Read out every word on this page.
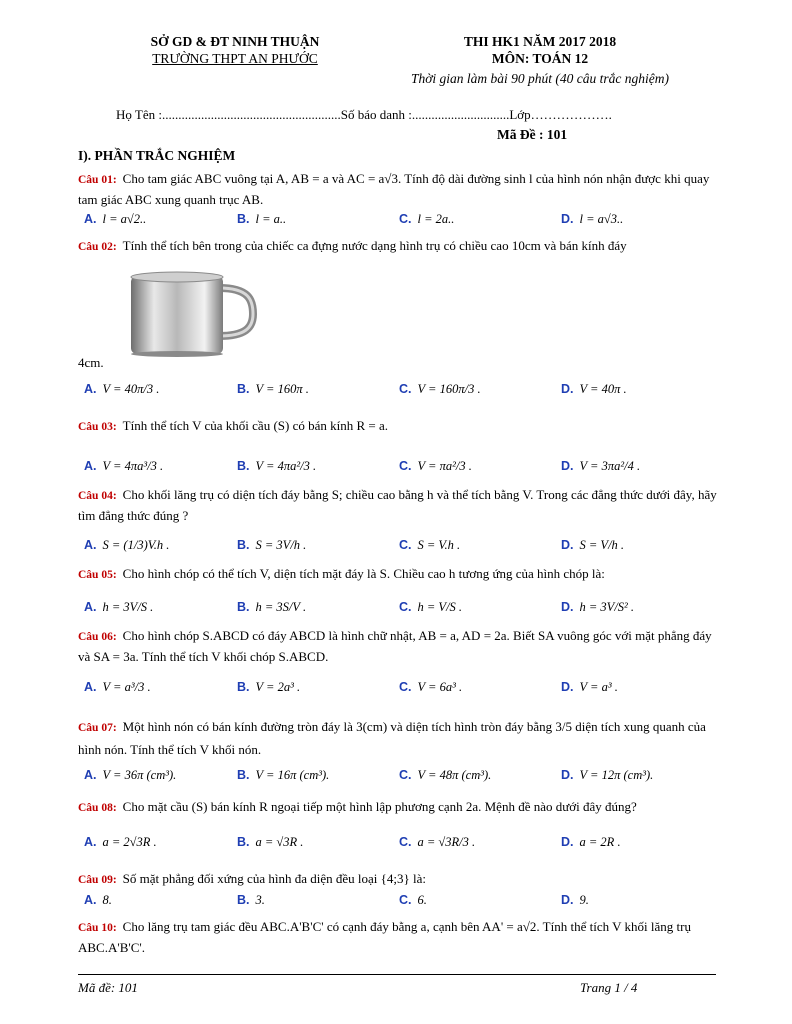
SỞ GD & ĐT NINH THUẬN
TRƯỜNG THPT AN PHƯỚC
THI HK1 NĂM 2017 2018
MÔN: TOÁN 12
Thời gian làm bài 90 phút (40 câu trắc nghiệm)
Họ Tên :.......................................................Số báo danh :..............................Lớp……………….
Mã Đề : 101
I). PHẦN TRẮC NGHIỆM
Câu 01: Cho tam giác ABC vuông tại A, AB = a và AC = a√3. Tính độ dài đường sinh l của hình nón nhận được khi quay tam giác ABC xung quanh trục AB.
A. l = a√2..	B. l = a..	C. l = 2a..	D. l = a√3..
Câu 02: Tính thể tích bên trong của chiếc ca đựng nước dạng hình trụ có chiều cao 10cm và bán kính đáy
4cm.
A. V = 40π/3 .	B. V = 160π .	C. V = 160π/3 .	D. V = 40π .
Câu 03: Tính thể tích V của khối cầu (S) có bán kính R = a.
A. V = 4πa³/3 .	B. V = 4πa²/3 .	C. V = πa²/3 .	D. V = 3πa²/4 .
Câu 04: Cho khối lăng trụ có diện tích đáy bằng S; chiều cao bằng h và thể tích bằng V. Trong các đẳng thức dưới đây, hãy tìm đẳng thức đúng ?
A. S = (1/3)V.h .	B. S = 3V/h .	C. S = V.h .	D. S = V/h .
Câu 05: Cho hình chóp có thể tích V, diện tích mặt đáy là S. Chiều cao h tương ứng của hình chóp là:
A. h = 3V/S .	B. h = 3S/V .	C. h = V/S .	D. h = 3V/S² .
Câu 06: Cho hình chóp S.ABCD có đáy ABCD là hình chữ nhật, AB = a, AD = 2a. Biết SA vuông góc với mặt phẳng đáy và SA = 3a. Tính thể tích V khối chóp S.ABCD.
A. V = a³/3 .	B. V = 2a³ .	C. V = 6a³ .	D. V = a³ .
Câu 07: Một hình nón có bán kính đường tròn đáy là 3(cm) và diện tích hình tròn đáy bằng 3/5 diện tích xung quanh của hình nón. Tính thể tích V khối nón.
A. V = 36π (cm³).	B. V = 16π (cm³).	C. V = 48π (cm³).	D. V = 12π (cm³).
Câu 08: Cho mặt cầu (S) bán kính R ngoại tiếp một hình lập phương cạnh 2a. Mệnh đề nào dưới đây đúng?
A. a = 2√3R .	B. a = √3R .	C. a = √3R/3 .	D. a = 2R .
Câu 09: Số mặt phẳng đối xứng của hình đa diện đều loại {4;3} là:
A. 8.	B. 3.	C. 6.	D. 9.
Câu 10: Cho lăng trụ tam giác đều ABC.A'B'C' có cạnh đáy bằng a, cạnh bên AA' = a√2. Tính thể tích V khối lăng trụ ABC.A'B'C'.
Mã đề: 101	Trang 1 / 4
